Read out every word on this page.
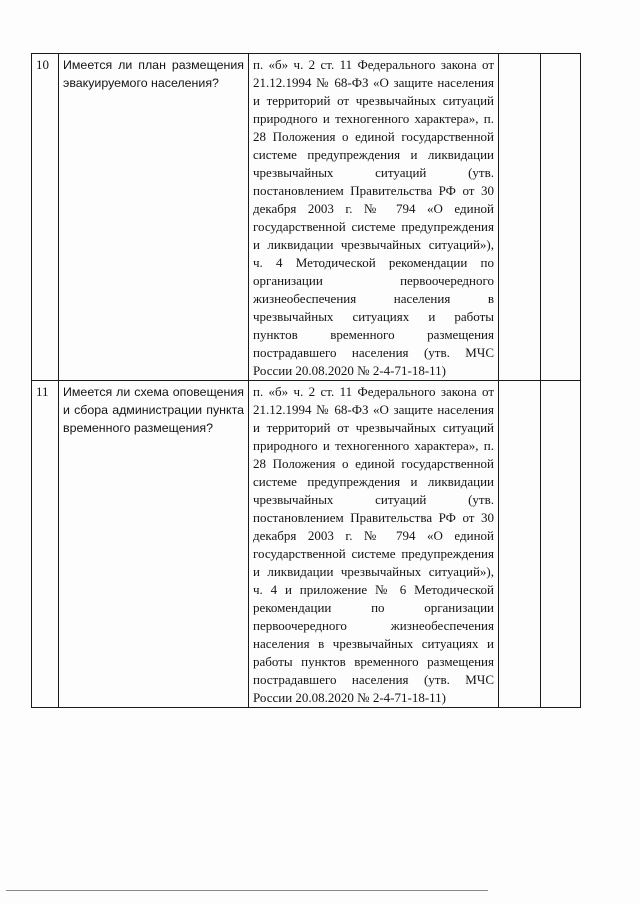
10	Имеется ли план размещения эвакуируемого населения?	п. «б» ч. 2 ст. 11 Федерального закона от 21.12.1994 № 68-ФЗ «О защите населения и территорий от чрезвычайных ситуаций природного и техногенного характера», п. 28 Положения о единой государственной системе предупреждения и ликвидации чрезвычайных ситуаций (утв. постановлением Правительства РФ от 30 декабря 2003 г. № 794 «О единой государственной системе предупреждения и ликвидации чрезвычайных ситуаций»), ч. 4 Методической рекомендации по организации первоочередного жизнеобеспечения населения в чрезвычайных ситуациях и работы пунктов временного размещения пострадавшего населения (утв. МЧС России 20.08.2020 № 2-4-71-18-11)		
11	Имеется ли схема оповещения и сбора администрации пункта временного размещения?	п. «б» ч. 2 ст. 11 Федерального закона от 21.12.1994 № 68-ФЗ «О защите населения и территорий от чрезвычайных ситуаций природного и техногенного характера», п. 28 Положения о единой государственной системе предупреждения и ликвидации чрезвычайных ситуаций (утв. постановлением Правительства РФ от 30 декабря 2003 г. № 794 «О единой государственной системе предупреждения и ликвидации чрезвычайных ситуаций»), ч. 4 и приложение № 6 Методической рекомендации по организации первоочередного жизнеобеспечения населения в чрезвычайных ситуациях и работы пунктов временного размещения пострадавшего населения (утв. МЧС России 20.08.2020 № 2-4-71-18-11)		
